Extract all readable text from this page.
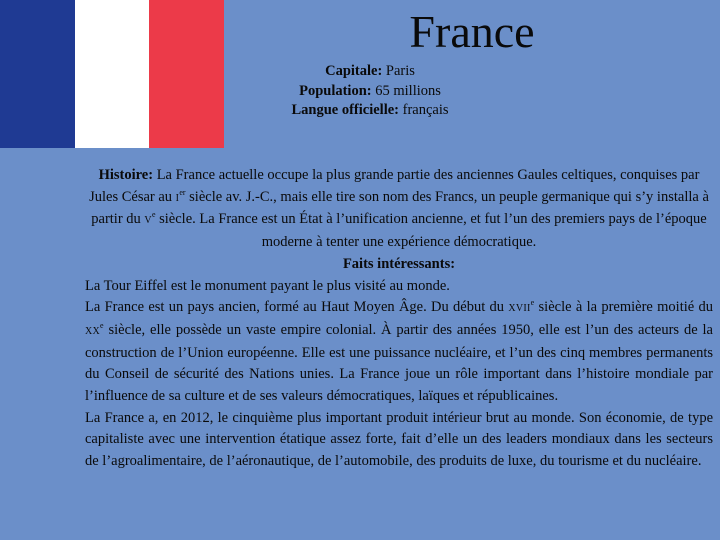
France
Capitale: Paris
Population: 65 millions
Langue officielle: français
Histoire: La France actuelle occupe la plus grande partie des anciennes Gaules celtiques, conquises par Jules César au Ier siècle av. J.-C., mais elle tire son nom des Francs, un peuple germanique qui s’y installa à partir du Ve siècle. La France est un État à l’unification ancienne, et fut l’un des premiers pays de l’époque moderne à tenter une expérience démocratique.
Faits intéressants:
La Tour Eiffel est le monument payant le plus visité au monde.
La France est un pays ancien, formé au Haut Moyen Âge. Du début du XVIIe siècle à la première moitié du XXe siècle, elle possède un vaste empire colonial. À partir des années 1950, elle est l’un des acteurs de la construction de l’Union européenne. Elle est une puissance nucléaire, et l’un des cinq membres permanents du Conseil de sécurité des Nations unies. La France joue un rôle important dans l’histoire mondiale par l’influence de sa culture et de ses valeurs démocratiques, laïques et républicaines.
La France a, en 2012, le cinquième plus important produit intérieur brut au monde. Son économie, de type capitaliste avec une intervention étatique assez forte, fait d’elle un des leaders mondiaux dans les secteurs de l’agroalimentaire, de l’aéronautique, de l’automobile, des produits de luxe, du tourisme et du nucléaire.
